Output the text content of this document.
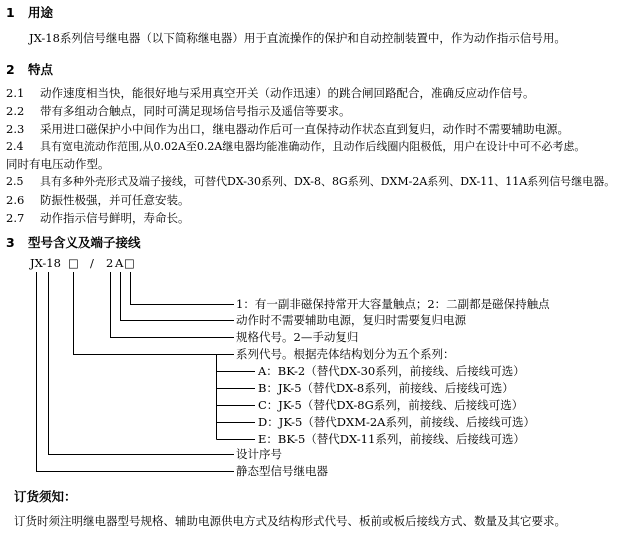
1 用途
JX-18系列信号继电器（以下简称继电器）用于直流操作的保护和自动控制装置中，作为动作指示信号用。
2 特点
2.1 动作速度相当快，能很好地与采用真空开关（动作迅速）的跳合闸回路配合，准确反应动作信号。
2.2 带有多组动合触点，同时可满足现场信号指示及遥信等要求。
2.3 采用进口磁保护小中间作为出口，继电器动作后可一直保持动作状态直到复归，动作时不需要辅助电源。
2.4 具有宽电流动作范围,从0.02A至0.2A继电器均能准确动作，且动作后线圈内阻极低，用户在设计中可不必考虑。
同时有电压动作型。
2.5 具有多种外壳形式及端子接线，可替代DX-30系列、DX-8、8G系列、DXM-2A系列、DX-11、11A系列信号继电器。
2.6 防振性极强，并可任意安装。
2.7 动作指示信号鲜明，寿命长。
3 型号含义及端子接线
JX-18 □ / 2 A □
1：有一副非磁保持常开大容量触点；2：二副都是磁保持触点
动作时不需要辅助电源，复归时需要复归电源
规格代号。2—手动复归
系列代号。根据壳体结构划分为五个系列：
A：BK-2（替代DX-30系列，前接线、后接线可选）
B：JK-5（替代DX-8系列，前接线、后接线可选）
C：JK-5（替代DX-8G系列，前接线、后接线可选）
D：JK-5（替代DXM-2A系列，前接线、后接线可选）
E：BK-5（替代DX-11系列，前接线、后接线可选）
设计序号
静态型信号继电器
订货须知：
订货时须注明继电器型号规格、辅助电源供电方式及结构形式代号、板前或板后接线方式、数量及其它要求。
